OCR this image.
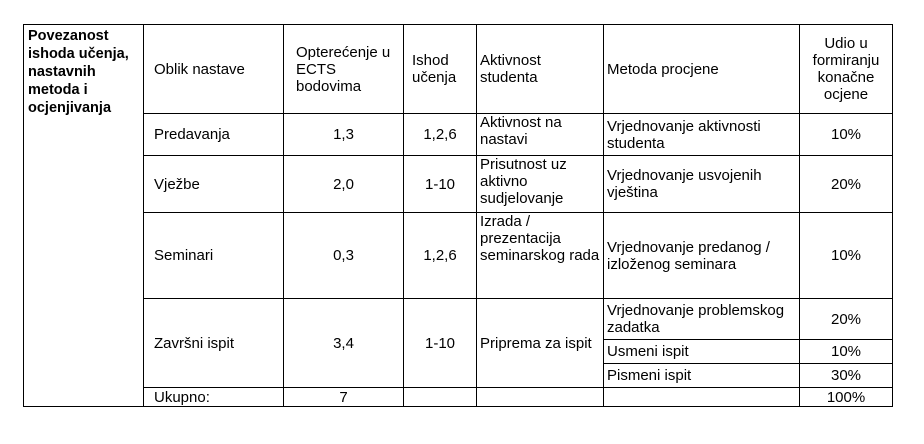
Povezanost ishoda učenja, nastavnih metoda i ocjenjivanja	Oblik nastave	Opterećenje u ECTS bodovima	Ishod učenja	Aktivnost studenta	Metoda procjene	Udio u formiranju konačne ocjene
	Predavanja	1,3	1,2,6	Aktivnost na nastavi	Vrjednovanje aktivnosti studenta	10%
	Vježbe	2,0	1-10	Prisutnost uz aktivno sudjelovanje	Vrjednovanje usvojenih vještina	20%
	Seminari	0,3	1,2,6	Izrada / prezentacija seminarskog rada	Vrjednovanje predanog / izloženog seminara	10%
	Završni ispit	3,4	1-10	Priprema za ispit	Vrjednovanje problemskog zadatka	20%
					Usmeni ispit	10%
					Pismeni ispit	30%
	Ukupno:	7				100%
